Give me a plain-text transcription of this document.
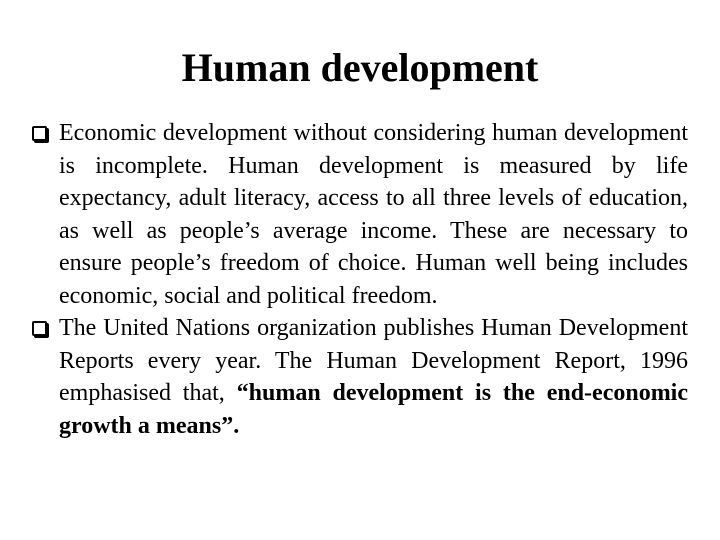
Human development
Economic development without considering human development is incomplete. Human development is measured by life expectancy, adult literacy, access to all three levels of education, as well as people’s average income. These are necessary to ensure people’s freedom of choice. Human well being includes economic, social and political freedom.
The United Nations organization publishes Human Development Reports every year. The Human Development Report, 1996 emphasised that, “human development is the end-economic growth a means”.
